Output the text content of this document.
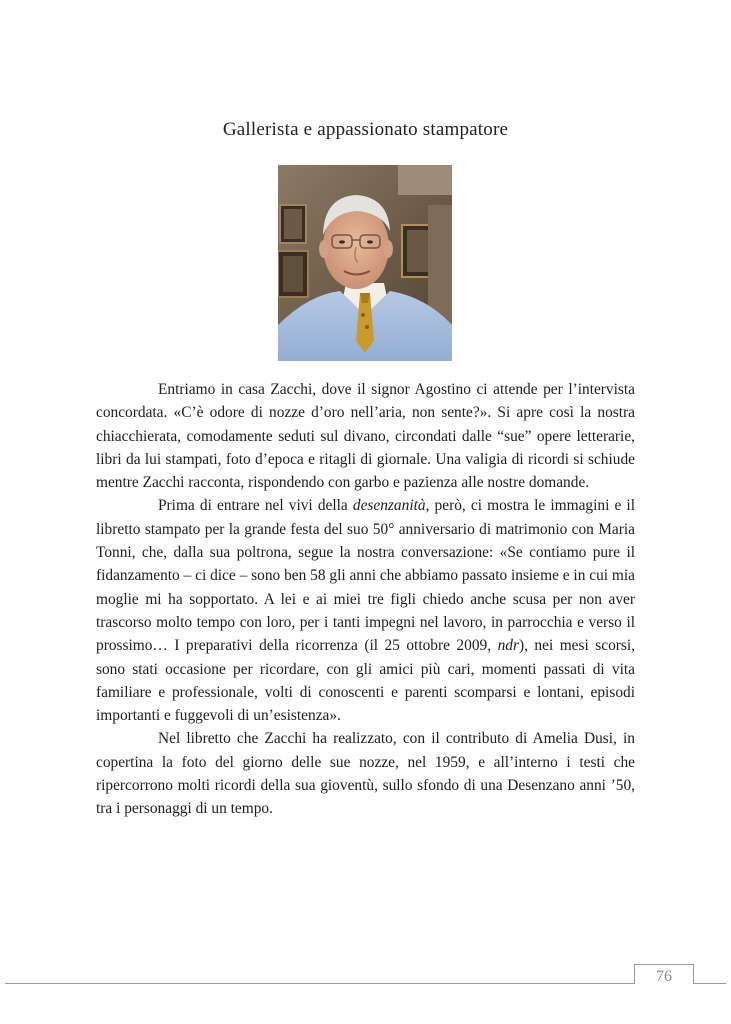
Gallerista e appassionato stampatore

Entriamo in casa Zacchi, dove il signor Agostino ci attende per l’intervista concordata. «C’è odore di nozze d’oro nell’aria, non sente?». Si apre così la nostra chiacchierata, comodamente seduti sul divano, circondati dalle “sue” opere letterarie, libri da lui stampati, foto d’epoca e ritagli di giornale. Una valigia di ricordi si schiude mentre Zacchi racconta, rispondendo con garbo e pazienza alle nostre domande.

Prima di entrare nel vivi della desenzanità, però, ci mostra le immagini e il libretto stampato per la grande festa del suo 50° anniversario di matrimonio con Maria Tonni, che, dalla sua poltrona, segue la nostra conversazione: «Se contiamo pure il fidanzamento – ci dice – sono ben 58 gli anni che abbiamo passato insieme e in cui mia moglie mi ha sopportato. A lei e ai miei tre figli chiedo anche scusa per non aver trascorso molto tempo con loro, per i tanti impegni nel lavoro, in parrocchia e verso il prossimo… I preparativi della ricorrenza (il 25 ottobre 2009, ndr), nei mesi scorsi, sono stati occasione per ricordare, con gli amici più cari, momenti passati di vita familiare e professionale, volti di conoscenti e parenti scomparsi e lontani, episodi importanti e fuggevoli di un’esistenza».

Nel libretto che Zacchi ha realizzato, con il contributo di Amelia Dusi, in copertina la foto del giorno delle sue nozze, nel 1959, e all’interno i testi che ripercorrono molti ricordi della sua gioventù, sullo sfondo di una Desenzano anni ’50, tra i personaggi di un tempo.

76
